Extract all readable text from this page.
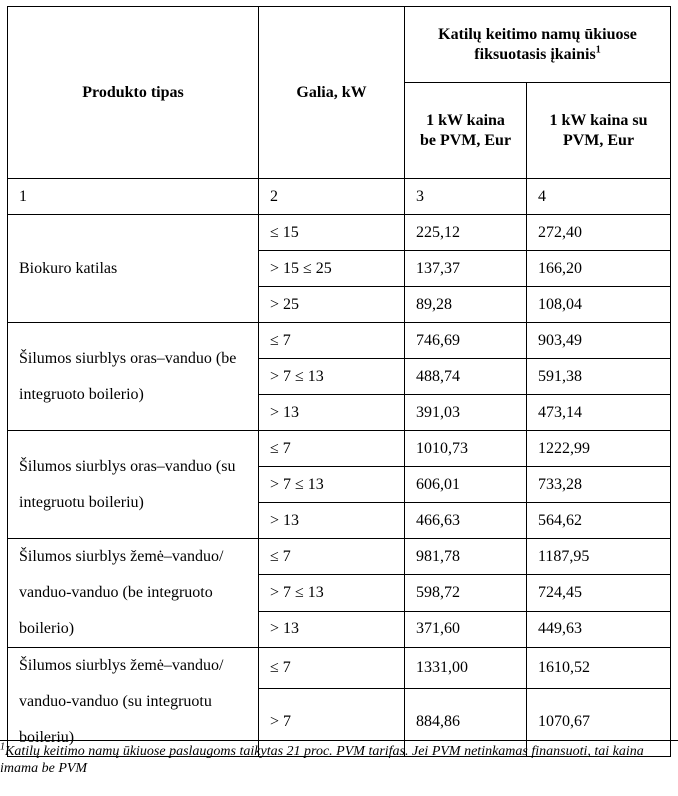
Produkto tipas	Galia, kW	Katilų keitimo namų ūkiuose fiksuotasis įkainis$^1$
		1 kW kaina be PVM, Eur	1 kW kaina su PVM, Eur
1	2	3	4
Biokuro katilas	≤ 15	225,12	272,40
	> 15 ≤ 25	137,37	166,20
	> 25	89,28	108,04
Šilumos siurblys oras–vanduo (be integruoto boilerio)	≤ 7	746,69	903,49
	> 7 ≤ 13	488,74	591,38
	> 13	391,03	473,14
Šilumos siurblys oras–vanduo (su integruotu boileriu)	≤ 7	1010,73	1222,99
	> 7 ≤ 13	606,01	733,28
	> 13	466,63	564,62
Šilumos siurblys žemė–vanduo/ vanduo-vanduo (be integruoto boilerio)	≤ 7	981,78	1187,95
	> 7 ≤ 13	598,72	724,45
	> 13	371,60	449,63
Šilumos siurblys žemė–vanduo/ vanduo-vanduo (su integruotu boileriu)	≤ 7	1331,00	1610,52
	> 7	884,86	1070,67
$^1$Katilų keitimo namų ūkiuose paslaugoms taikytas 21 proc. PVM tarifas. Jei PVM netinkamas finansuoti, tai kaina imama be PVM
